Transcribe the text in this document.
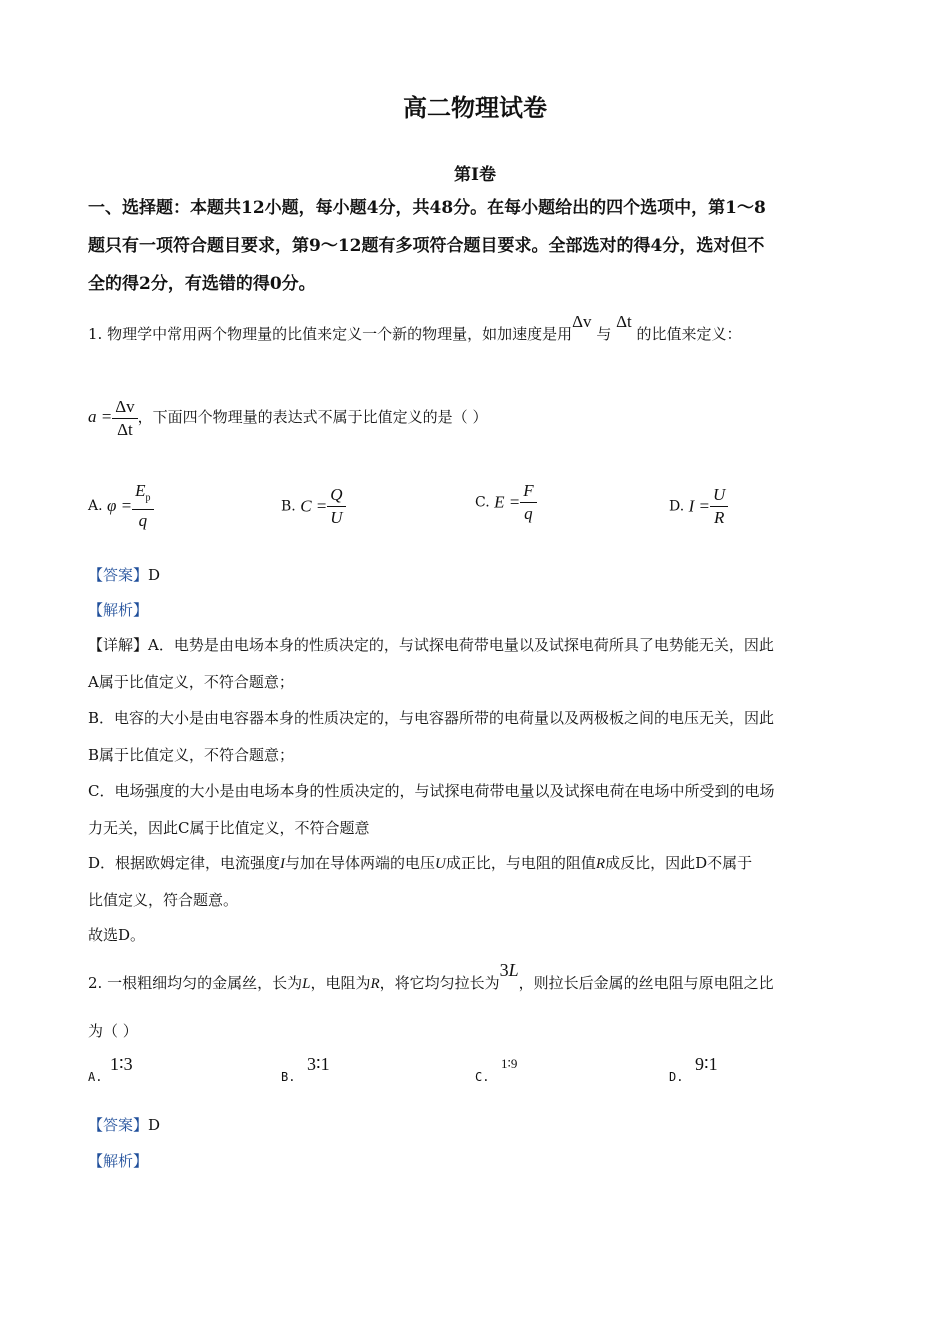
高二物理试卷
第Ⅰ卷
一、选择题：本题共12小题，每小题4分，共48分。在每小题给出的四个选项中，第1～8
题只有一项符合题目要求，第9～12题有多项符合题目要求。全部选对的得4分，选对但不
全的得2分，有选错的得0分。
1. 物理学中常用两个物理量的比值来定义一个新的物理量，如加速度是用Δv 与 Δt 的比值来定义：
$a = \frac{\Delta v}{\Delta t}$ ，下面四个物理量的表达式不属于比值定义的是（ ）
A. $\varphi = \frac{E_p}{q}$	B. $C = \frac{Q}{U}$	C. $E = \frac{F}{q}$	D. $I = \frac{U}{R}$
【答案】D
【解析】
【详解】A．电势是由电场本身的性质决定的，与试探电荷带电量以及试探电荷所具了电势能无关，因此
A属于比值定义，不符合题意；
B．电容的大小是由电容器本身的性质决定的，与电容器所带的电荷量以及两极板之间的电压无关，因此
B属于比值定义，不符合题意；
C．电场强度的大小是由电场本身的性质决定的，与试探电荷带电量以及试探电荷在电场中所受到的电场
力无关，因此C属于比值定义，不符合题意
D．根据欧姆定律，电流强度I与加在导体两端的电压U成正比，与电阻的阻值R成反比，因此D不属于
比值定义，符合题意。
故选D。
2. 一根粗细均匀的金属丝，长为L，电阻为R，将它均匀拉长为3L，则拉长后金属的丝电阻与原电阻之比
为（ ）
A.
1∶3
B.
3∶1
C.
1∶9
D.
9∶1
【答案】D
【解析】
